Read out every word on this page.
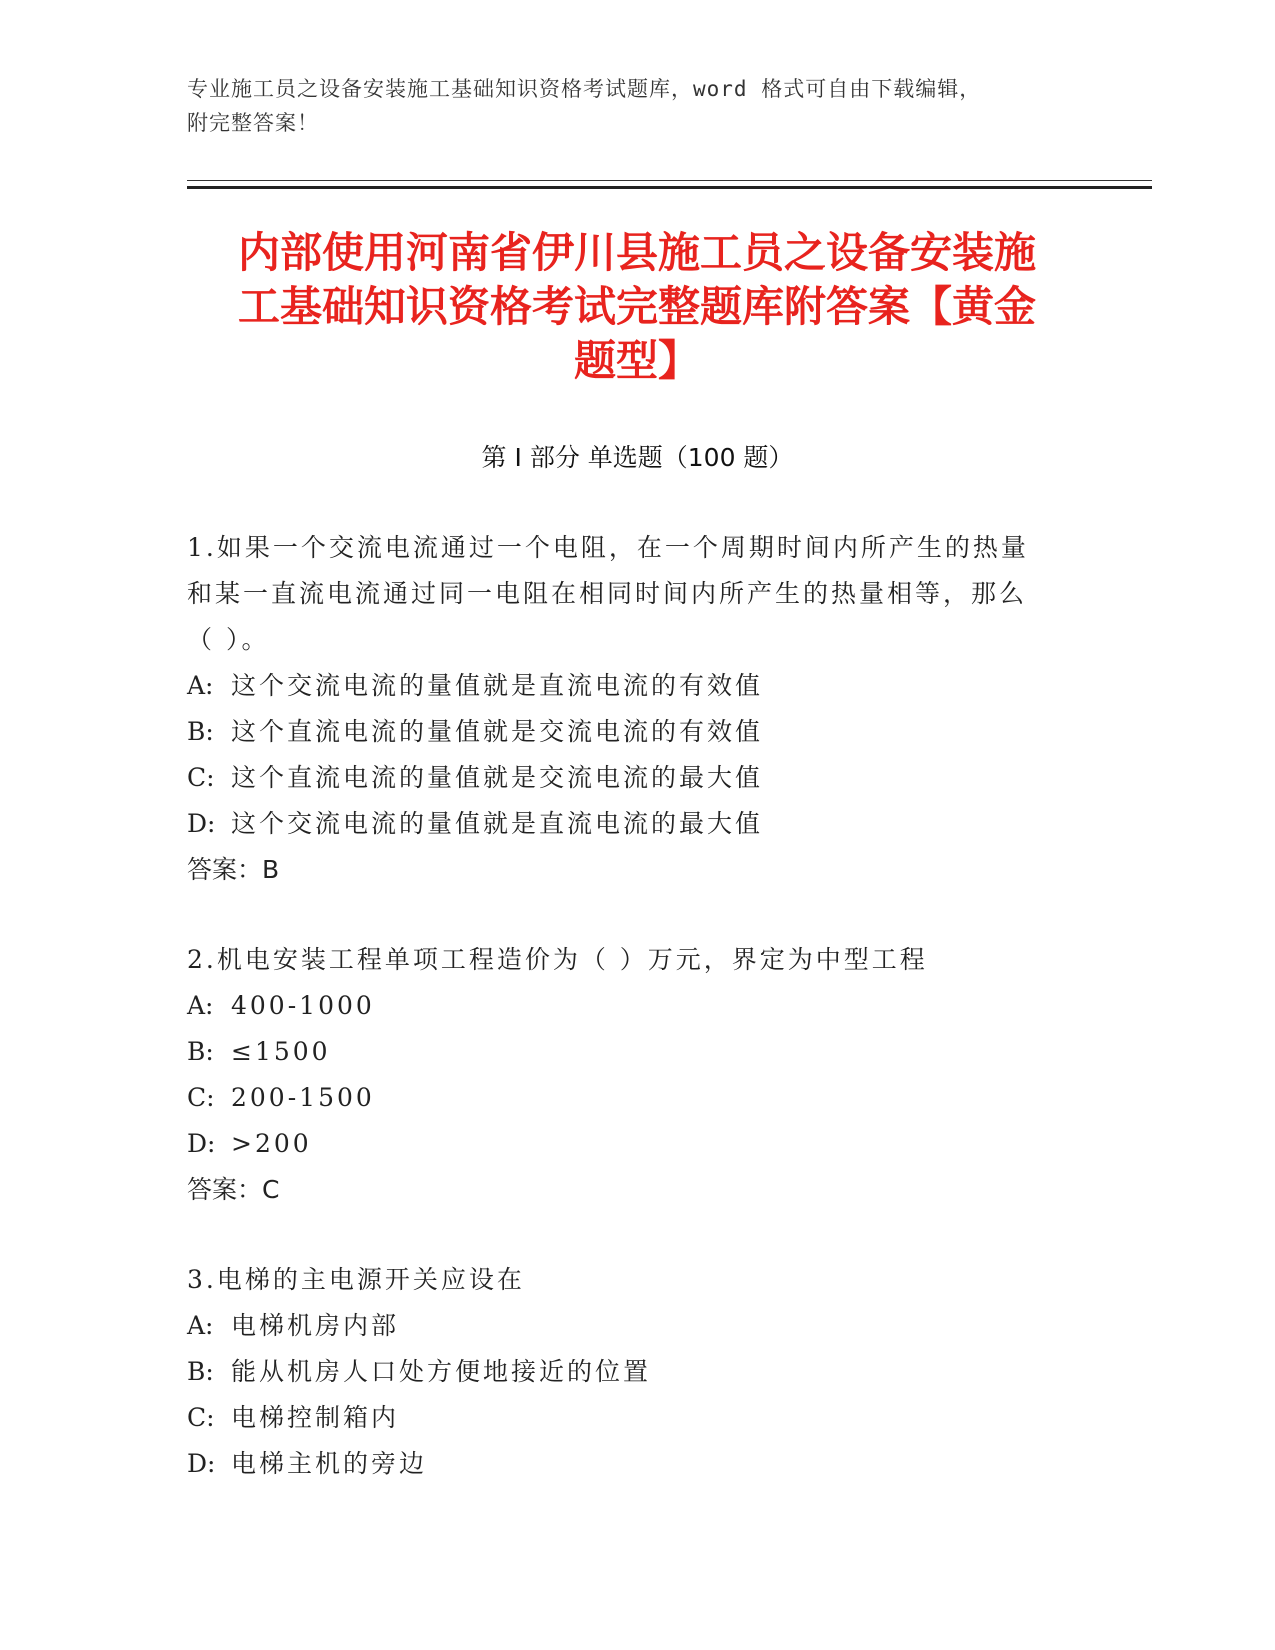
专业施工员之设备安装施工基础知识资格考试题库，word 格式可自由下载编辑，
附完整答案！
内部使用河南省伊川县施工员之设备安装施
工基础知识资格考试完整题库附答案【黄金
题型】
第 I 部分 单选题（100 题）

1.如果一个交流电流通过一个电阻，在一个周期时间内所产生的热量

和某一直流电流通过同一电阻在相同时间内所产生的热量相等，那么

（ ）。

A: 这个交流电流的量值就是直流电流的有效值

B: 这个直流电流的量值就是交流电流的有效值

C: 这个直流电流的量值就是交流电流的最大值

D: 这个交流电流的量值就是直流电流的最大值

答案：B

2.机电安装工程单项工程造价为（ ）万元，界定为中型工程

A: 400-1000

B: ≤1500

C: 200-1500

D: >200

答案：C

3.电梯的主电源开关应设在

A: 电梯机房内部

B: 能从机房人口处方便地接近的位置

C: 电梯控制箱内

D: 电梯主机的旁边
